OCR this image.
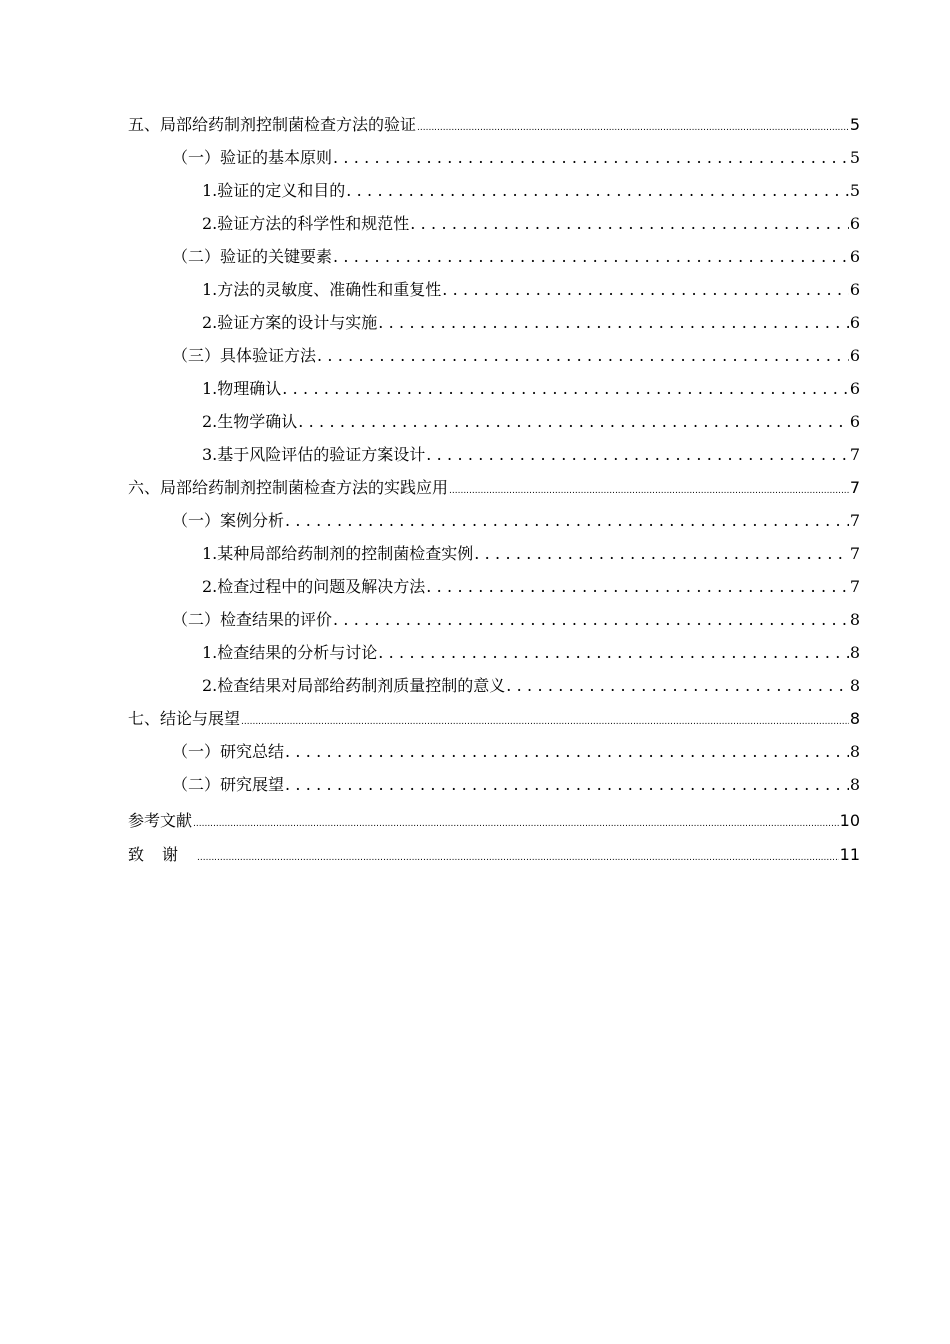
五、局部给药制剂控制菌检查方法的验证 .....	5
（一）验证的基本原则 .....	5
1.验证的定义和目的 .....	5
2.验证方法的科学性和规范性 .....	6
（二）验证的关键要素 .....	6
1.方法的灵敏度、准确性和重复性 .....	6
2.验证方案的设计与实施 .....	6
（三）具体验证方法 .....	6
1.物理确认 .....	6
2.生物学确认 .....	6
3.基于风险评估的验证方案设计 .....	7
六、局部给药制剂控制菌检查方法的实践应用 .....	7
（一）案例分析 .....	7
1.某种局部给药制剂的控制菌检查实例 .....	7
2.检查过程中的问题及解决方法 .....	7
（二）检查结果的评价 .....	8
1.检查结果的分析与讨论 .....	8
2.检查结果对局部给药制剂质量控制的意义 .....	8
七、结论与展望 .....	8
（一）研究总结 .....	8
（二）研究展望 .....	8
参考文献 .....	10
致谢 .....	11
